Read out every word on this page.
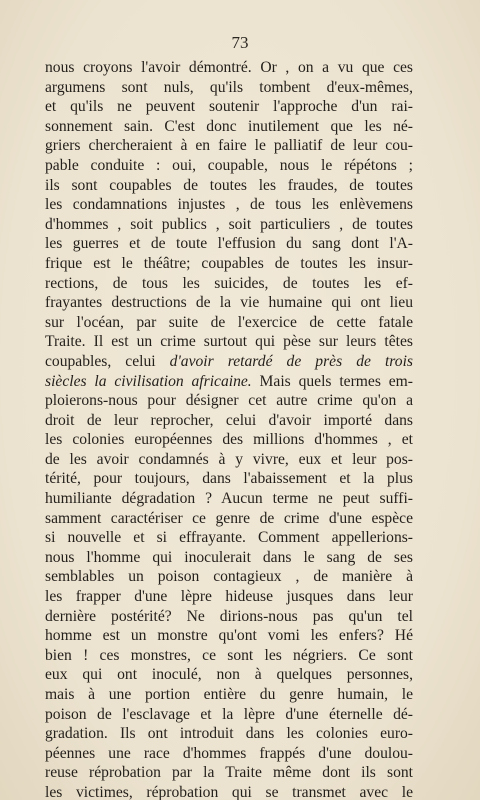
73
nous croyons l'avoir démontré. Or , on a vu que ces
argumens sont nuls, qu'ils tombent d'eux-mêmes,
et qu'ils ne peuvent soutenir l'approche d'un rai-
sonnement sain. C'est donc inutilement que les né-
griers chercheraient à en faire le palliatif de leur cou-
pable conduite : oui, coupable, nous le répétons ;
ils sont coupables de toutes les fraudes, de toutes
les condamnations injustes , de tous les enlèvemens
d'hommes , soit publics , soit particuliers , de toutes
les guerres et de toute l'effusion du sang dont l'A-
frique est le théâtre; coupables de toutes les insur-
rections, de tous les suicides, de toutes les ef-
frayantes destructions de la vie humaine qui ont lieu
sur l'océan, par suite de l'exercice de cette fatale
Traite. Il est un crime surtout qui pèse sur leurs têtes
coupables, celui d'avoir retardé de près de trois
siècles la civilisation africaine. Mais quels termes em-
ploierons-nous pour désigner cet autre crime qu'on a
droit de leur reprocher, celui d'avoir importé dans
les colonies européennes des millions d'hommes , et
de les avoir condamnés à y vivre, eux et leur pos-
térité, pour toujours, dans l'abaissement et la plus
humiliante dégradation ? Aucun terme ne peut suffi-
samment caractériser ce genre de crime d'une espèce
si nouvelle et si effrayante. Comment appellerions-
nous l'homme qui inoculerait dans le sang de ses
semblables un poison contagieux , de manière à
les frapper d'une lèpre hideuse jusques dans leur
dernière postérité? Ne dirions-nous pas qu'un tel
homme est un monstre qu'ont vomi les enfers? Hé
bien ! ces monstres, ce sont les négriers. Ce sont
eux qui ont inoculé, non à quelques personnes,
mais à une portion entière du genre humain, le
poison de l'esclavage et la lèpre d'une éternelle dé-
gradation. Ils ont introduit dans les colonies euro-
péennes une race d'hommes frappés d'une doulou-
reuse réprobation par la Traite même dont ils sont
les victimes, réprobation qui se transmet avec le
